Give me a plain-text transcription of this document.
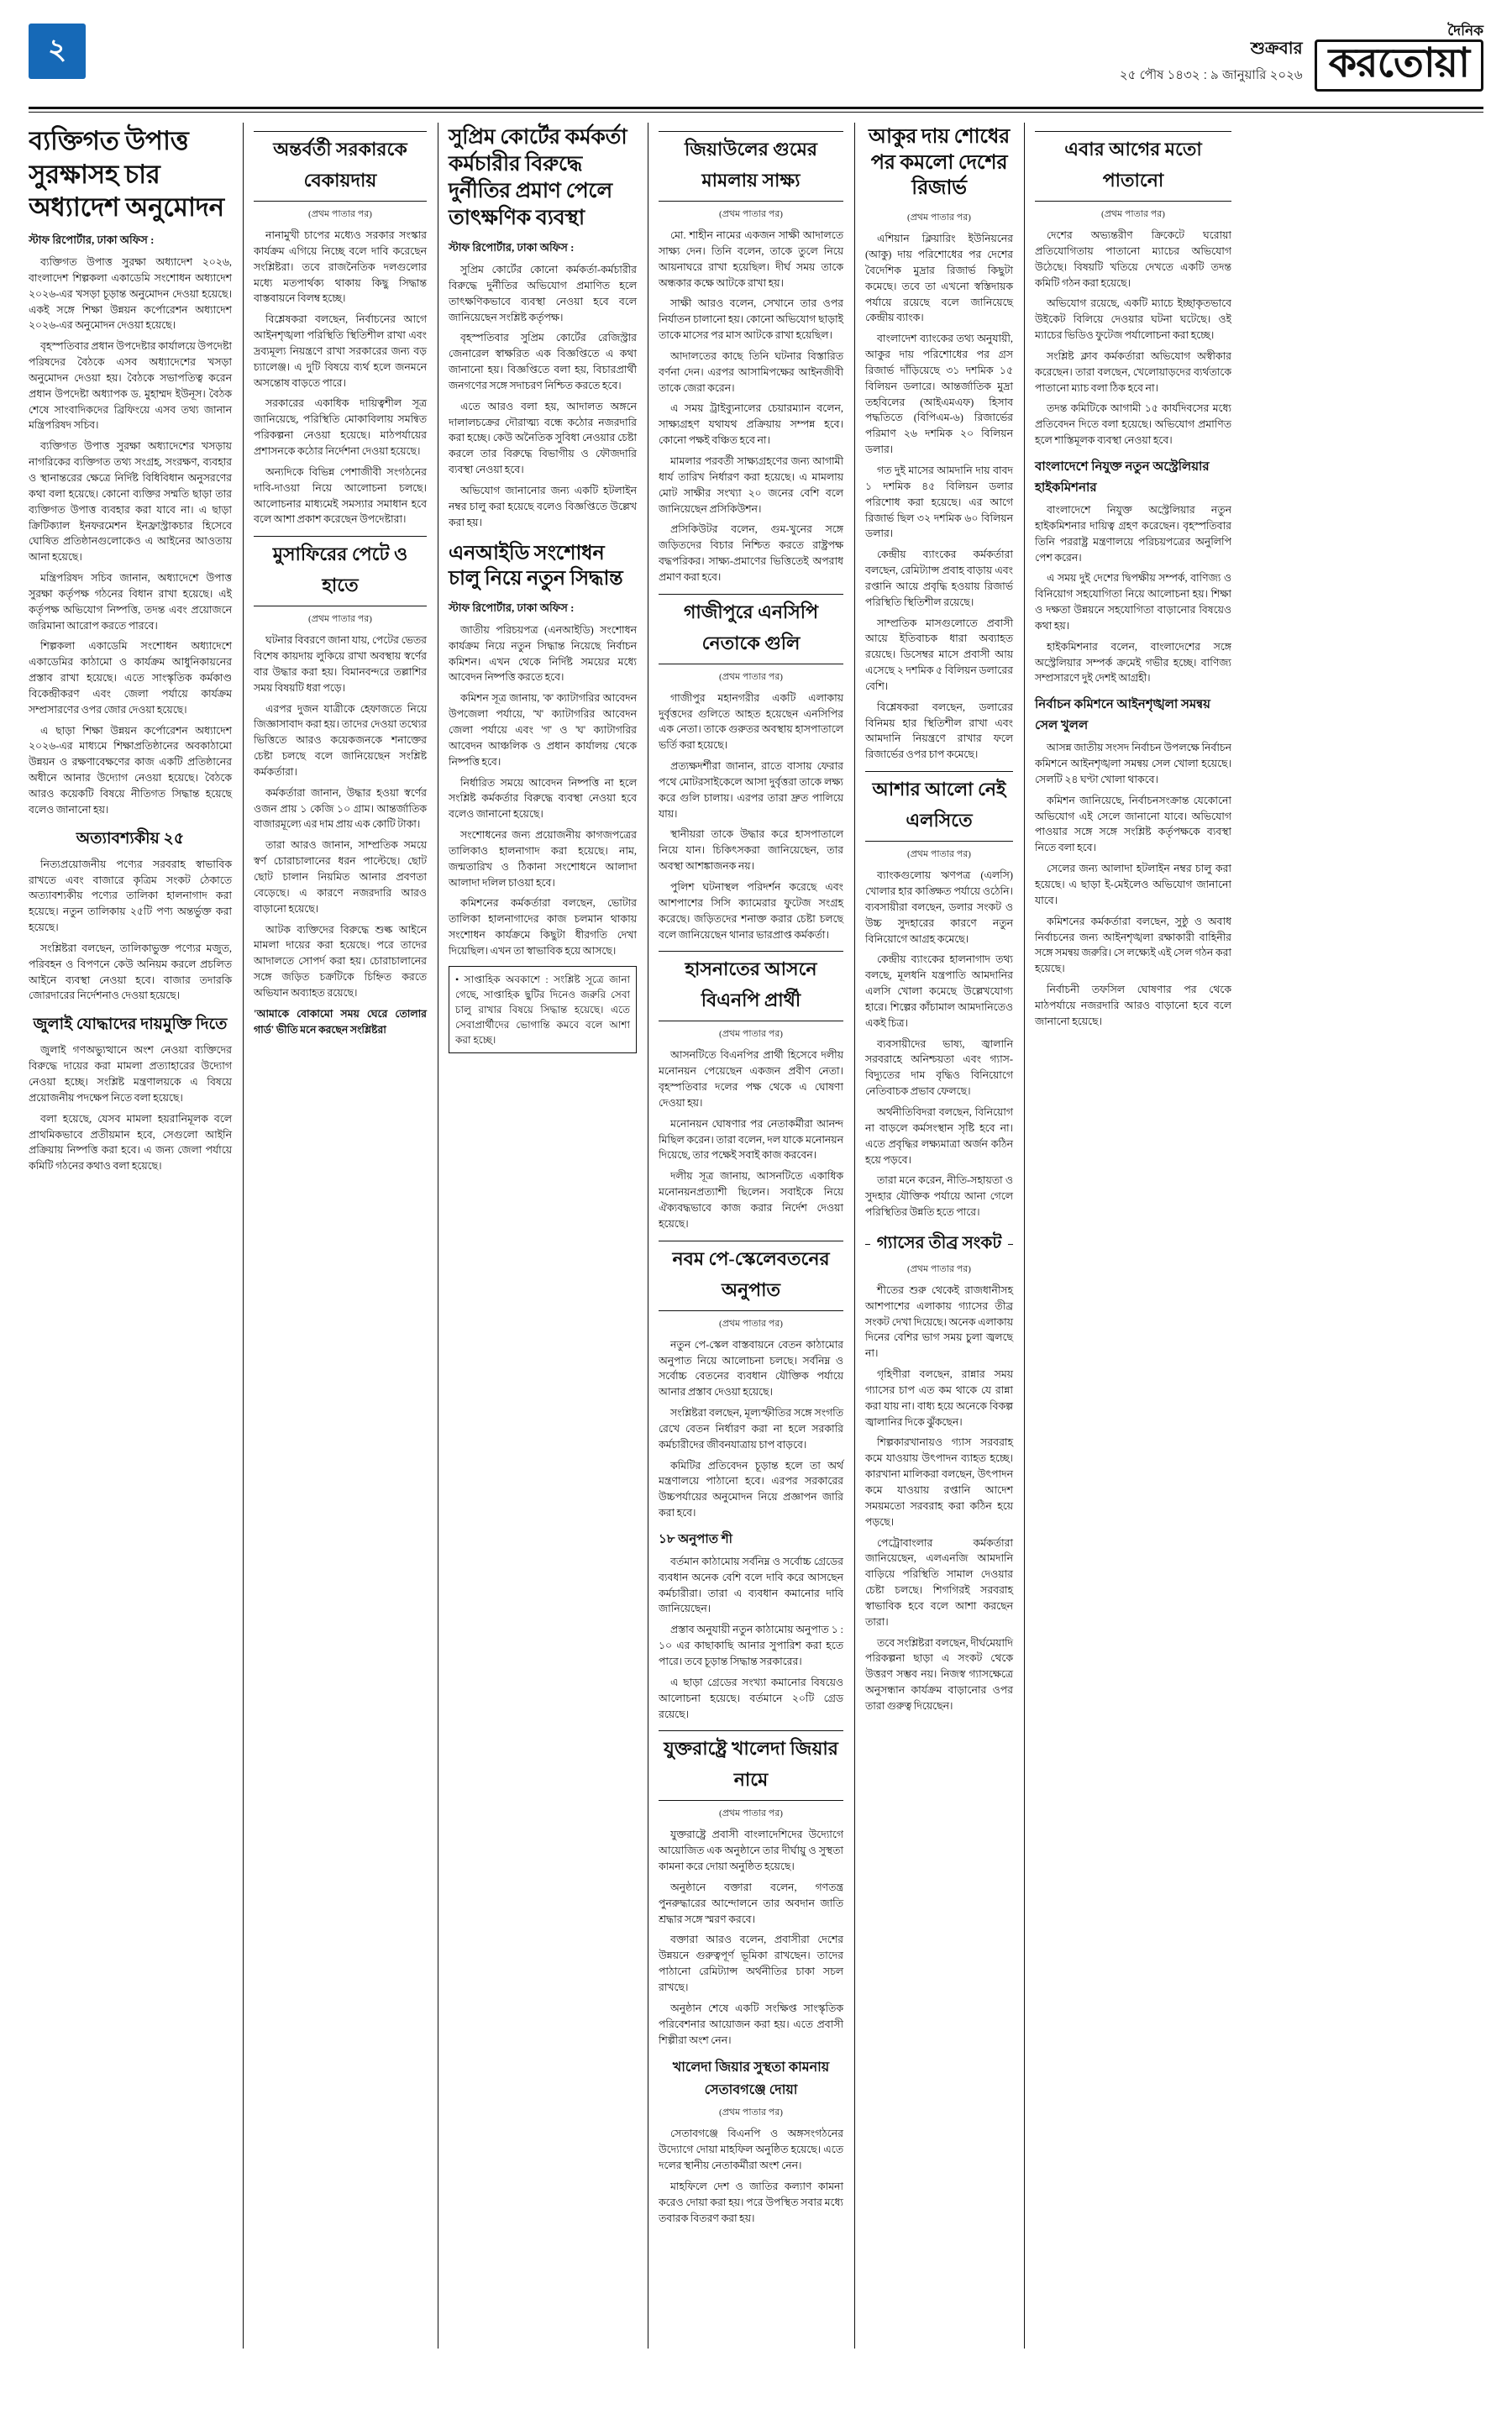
২	শুক্রবার
২৫ পৌষ ১৪৩২ : ৯ জানুয়ারি ২০২৬
দৈনিক
করতোয়া
ব্যক্তিগত উপাত্ত সুরক্ষাসহ চার অধ্যাদেশ অনুমোদন
স্টাফ রিপোর্টার, ঢাকা অফিস :

ব্যক্তিগত উপাত্ত সুরক্ষা অধ্যাদেশ ২০২৬, বাংলাদেশ শিল্পকলা একাডেমি সংশোধন অধ্যাদেশ ২০২৬-এর খসড়া চূড়ান্ত অনুমোদন দেওয়া হয়েছে। একই সঙ্গে শিক্ষা উন্নয়ন কর্পোরেশন অধ্যাদেশ ২০২৬-এর অনুমোদন দেওয়া হয়েছে।

বৃহস্পতিবার প্রধান উপদেষ্টার কার্যালয়ে উপদেষ্টা পরিষদের বৈঠকে এসব অধ্যাদেশের খসড়া অনুমোদন দেওয়া হয়। বৈঠকে সভাপতিত্ব করেন প্রধান উপদেষ্টা অধ্যাপক ড. মুহাম্মদ ইউনূস। বৈঠক শেষে সাংবাদিকদের ব্রিফিংয়ে এসব তথ্য জানান মন্ত্রিপরিষদ সচিব।

ব্যক্তিগত উপাত্ত সুরক্ষা অধ্যাদেশের খসড়ায় নাগরিকের ব্যক্তিগত তথ্য সংগ্রহ, সংরক্ষণ, ব্যবহার ও স্থানান্তরের ক্ষেত্রে নির্দিষ্ট বিধিবিধান অনুসরণের কথা বলা হয়েছে। কোনো ব্যক্তির সম্মতি ছাড়া তার ব্যক্তিগত উপাত্ত ব্যবহার করা যাবে না। এ ছাড়া ক্রিটিক্যাল ইনফরমেশন ইনফ্রাস্ট্রাকচার হিসেবে ঘোষিত প্রতিষ্ঠানগুলোকেও এ আইনের আওতায় আনা হয়েছে।

মন্ত্রিপরিষদ সচিব জানান, অধ্যাদেশে উপাত্ত সুরক্ষা কর্তৃপক্ষ গঠনের বিধান রাখা হয়েছে। এই কর্তৃপক্ষ অভিযোগ নিষ্পত্তি, তদন্ত এবং প্রয়োজনে জরিমানা আরোপ করতে পারবে।

শিল্পকলা একাডেমি সংশোধন অধ্যাদেশে একাডেমির কাঠামো ও কার্যক্রম আধুনিকায়নের প্রস্তাব রাখা হয়েছে। এতে সাংস্কৃতিক কর্মকাণ্ড বিকেন্দ্রীকরণ এবং জেলা পর্যায়ে কার্যক্রম সম্প্রসারণের ওপর জোর দেওয়া হয়েছে।

এ ছাড়া শিক্ষা উন্নয়ন কর্পোরেশন অধ্যাদেশ ২০২৬-এর মাধ্যমে শিক্ষাপ্রতিষ্ঠানের অবকাঠামো উন্নয়ন ও রক্ষণাবেক্ষণের কাজ একটি প্রতিষ্ঠানের অধীনে আনার উদ্যোগ নেওয়া হয়েছে। বৈঠকে আরও কয়েকটি বিষয়ে নীতিগত সিদ্ধান্ত হয়েছে বলেও জানানো হয়।

অত্যাবশ্যকীয় ২৫

নিত্যপ্রয়োজনীয় পণ্যের সরবরাহ স্বাভাবিক রাখতে এবং বাজারে কৃত্রিম সংকট ঠেকাতে অত্যাবশ্যকীয় পণ্যের তালিকা হালনাগাদ করা হয়েছে। নতুন তালিকায় ২৫টি পণ্য অন্তর্ভুক্ত করা হয়েছে।

সংশ্লিষ্টরা বলছেন, তালিকাভুক্ত পণ্যের মজুত, পরিবহন ও বিপণনে কেউ অনিয়ম করলে প্রচলিত আইনে ব্যবস্থা নেওয়া হবে। বাজার তদারকি জোরদারের নির্দেশনাও দেওয়া হয়েছে।

জুলাই যোদ্ধাদের দায়মুক্তি দিতে

জুলাই গণঅভ্যুত্থানে অংশ নেওয়া ব্যক্তিদের বিরুদ্ধে দায়ের করা মামলা প্রত্যাহারের উদ্যোগ নেওয়া হচ্ছে। সংশ্লিষ্ট মন্ত্রণালয়কে এ বিষয়ে প্রয়োজনীয় পদক্ষেপ নিতে বলা হয়েছে।

বলা হয়েছে, যেসব মামলা হয়রানিমূলক বলে প্রাথমিকভাবে প্রতীয়মান হবে, সেগুলো আইনি প্রক্রিয়ায় নিষ্পত্তি করা হবে। এ জন্য জেলা পর্যায়ে কমিটি গঠনের কথাও বলা হয়েছে।

অন্তর্বর্তী সরকারকে বেকায়দায়
(প্রথম পাতার পর)

নানামুখী চাপের মধ্যেও সরকার সংস্কার কার্যক্রম এগিয়ে নিচ্ছে বলে দাবি করেছেন সংশ্লিষ্টরা। তবে রাজনৈতিক দলগুলোর মধ্যে মতপার্থক্য থাকায় কিছু সিদ্ধান্ত বাস্তবায়নে বিলম্ব হচ্ছে।

বিশ্লেষকরা বলছেন, নির্বাচনের আগে আইনশৃঙ্খলা পরিস্থিতি স্থিতিশীল রাখা এবং দ্রব্যমূল্য নিয়ন্ত্রণে রাখা সরকারের জন্য বড় চ্যালেঞ্জ। এ দুটি বিষয়ে ব্যর্থ হলে জনমনে অসন্তোষ বাড়তে পারে।

সরকারের একাধিক দায়িত্বশীল সূত্র জানিয়েছে, পরিস্থিতি মোকাবিলায় সমন্বিত পরিকল্পনা নেওয়া হয়েছে। মাঠপর্যায়ের প্রশাসনকে কঠোর নির্দেশনা দেওয়া হয়েছে।

অন্যদিকে বিভিন্ন পেশাজীবী সংগঠনের দাবি-দাওয়া নিয়ে আলোচনা চলছে। আলোচনার মাধ্যমেই সমস্যার সমাধান হবে বলে আশা প্রকাশ করেছেন উপদেষ্টারা।

মুসাফিরের পেটে ও হাতে
(প্রথম পাতার পর)

ঘটনার বিবরণে জানা যায়, পেটের ভেতর বিশেষ কায়দায় লুকিয়ে রাখা অবস্থায় স্বর্ণের বার উদ্ধার করা হয়। বিমানবন্দরে তল্লাশির সময় বিষয়টি ধরা পড়ে।

এরপর দুজন যাত্রীকে হেফাজতে নিয়ে জিজ্ঞাসাবাদ করা হয়। তাদের দেওয়া তথ্যের ভিত্তিতে আরও কয়েকজনকে শনাক্তের চেষ্টা চলছে বলে জানিয়েছেন সংশ্লিষ্ট কর্মকর্তারা।

কর্মকর্তারা জানান, উদ্ধার হওয়া স্বর্ণের ওজন প্রায় ১ কেজি ১০ গ্রাম। আন্তর্জাতিক বাজারমূল্যে এর দাম প্রায় এক কোটি টাকা।

তারা আরও জানান, সাম্প্রতিক সময়ে স্বর্ণ চোরাচালানের ধরন পাল্টেছে। ছোট ছোট চালান নিয়মিত আনার প্রবণতা বেড়েছে। এ কারণে নজরদারি আরও বাড়ানো হয়েছে।

আটক ব্যক্তিদের বিরুদ্ধে শুল্ক আইনে মামলা দায়ের করা হয়েছে। পরে তাদের আদালতে সোপর্দ করা হয়। চোরাচালানের সঙ্গে জড়িত চক্রটিকে চিহ্নিত করতে অভিযান অব্যাহত রয়েছে।

'আমাকে বোকামো সময় ঘেরে তোলার গার্ড' ভীতি মনে করছেন সংশ্লিষ্টরা

সুপ্রিম কোর্টের কর্মকর্তা কর্মচারীর বিরুদ্ধে দুর্নীতির প্রমাণ পেলে তাৎক্ষণিক ব্যবস্থা
স্টাফ রিপোর্টার, ঢাকা অফিস :

সুপ্রিম কোর্টের কোনো কর্মকর্তা-কর্মচারীর বিরুদ্ধে দুর্নীতির অভিযোগ প্রমাণিত হলে তাৎক্ষণিকভাবে ব্যবস্থা নেওয়া হবে বলে জানিয়েছেন সংশ্লিষ্ট কর্তৃপক্ষ।

বৃহস্পতিবার সুপ্রিম কোর্টের রেজিস্ট্রার জেনারেল স্বাক্ষরিত এক বিজ্ঞপ্তিতে এ কথা জানানো হয়। বিজ্ঞপ্তিতে বলা হয়, বিচারপ্রার্থী জনগণের সঙ্গে সদাচরণ নিশ্চিত করতে হবে।

এতে আরও বলা হয়, আদালত অঙ্গনে দালালচক্রের দৌরাত্ম্য বন্ধে কঠোর নজরদারি করা হচ্ছে। কেউ অনৈতিক সুবিধা নেওয়ার চেষ্টা করলে তার বিরুদ্ধে বিভাগীয় ও ফৌজদারি ব্যবস্থা নেওয়া হবে।

অভিযোগ জানানোর জন্য একটি হটলাইন নম্বর চালু করা হয়েছে বলেও বিজ্ঞপ্তিতে উল্লেখ করা হয়।

এনআইডি সংশোধন চালু নিয়ে নতুন সিদ্ধান্ত
স্টাফ রিপোর্টার, ঢাকা অফিস :

জাতীয় পরিচয়পত্র (এনআইডি) সংশোধন কার্যক্রম নিয়ে নতুন সিদ্ধান্ত নিয়েছে নির্বাচন কমিশন। এখন থেকে নির্দিষ্ট সময়ের মধ্যে আবেদন নিষ্পত্তি করতে হবে।

কমিশন সূত্র জানায়, 'ক' ক্যাটাগরির আবেদন উপজেলা পর্যায়ে, 'খ' ক্যাটাগরির আবেদন জেলা পর্যায়ে এবং 'গ' ও 'ঘ' ক্যাটাগরির আবেদন আঞ্চলিক ও প্রধান কার্যালয় থেকে নিষ্পত্তি হবে।

নির্ধারিত সময়ে আবেদন নিষ্পত্তি না হলে সংশ্লিষ্ট কর্মকর্তার বিরুদ্ধে ব্যবস্থা নেওয়া হবে বলেও জানানো হয়েছে।

সংশোধনের জন্য প্রয়োজনীয় কাগজপত্রের তালিকাও হালনাগাদ করা হয়েছে। নাম, জন্মতারিখ ও ঠিকানা সংশোধনে আলাদা আলাদা দলিল চাওয়া হবে।

কমিশনের কর্মকর্তারা বলছেন, ভোটার তালিকা হালনাগাদের কাজ চলমান থাকায় সংশোধন কার্যক্রমে কিছুটা ধীরগতি দেখা দিয়েছিল। এখন তা স্বাভাবিক হয়ে আসছে।

• সাপ্তাহিক অবকাশে : সংশ্লিষ্ট সূত্রে জানা গেছে, সাপ্তাহিক ছুটির দিনেও জরুরি সেবা চালু রাখার বিষয়ে সিদ্ধান্ত হয়েছে। এতে সেবাপ্রার্থীদের ভোগান্তি কমবে বলে আশা করা হচ্ছে।
জিয়াউলের গুমের মামলায় সাক্ষ্য
(প্রথম পাতার পর)

মো. শাহীন নামের একজন সাক্ষী আদালতে সাক্ষ্য দেন। তিনি বলেন, তাকে তুলে নিয়ে আয়নাঘরে রাখা হয়েছিল। দীর্ঘ সময় তাকে অন্ধকার কক্ষে আটকে রাখা হয়।

সাক্ষী আরও বলেন, সেখানে তার ওপর নির্যাতন চালানো হয়। কোনো অভিযোগ ছাড়াই তাকে মাসের পর মাস আটকে রাখা হয়েছিল।

আদালতের কাছে তিনি ঘটনার বিস্তারিত বর্ণনা দেন। এরপর আসামিপক্ষের আইনজীবী তাকে জেরা করেন।

এ সময় ট্রাইব্যুনালের চেয়ারম্যান বলেন, সাক্ষ্যগ্রহণ যথাযথ প্রক্রিয়ায় সম্পন্ন হবে। কোনো পক্ষই বঞ্চিত হবে না।

মামলার পরবর্তী সাক্ষ্যগ্রহণের জন্য আগামী ধার্য তারিখ নির্ধারণ করা হয়েছে। এ মামলায় মোট সাক্ষীর সংখ্যা ২০ জনের বেশি বলে জানিয়েছেন প্রসিকিউশন।

প্রসিকিউটর বলেন, গুম-খুনের সঙ্গে জড়িতদের বিচার নিশ্চিত করতে রাষ্ট্রপক্ষ বদ্ধপরিকর। সাক্ষ্য-প্রমাণের ভিত্তিতেই অপরাধ প্রমাণ করা হবে।

গাজীপুরে এনসিপি নেতাকে গুলি
(প্রথম পাতার পর)

গাজীপুর মহানগরীর একটি এলাকায় দুর্বৃত্তদের গুলিতে আহত হয়েছেন এনসিপির এক নেতা। তাকে গুরুতর অবস্থায় হাসপাতালে ভর্তি করা হয়েছে।

প্রত্যক্ষদর্শীরা জানান, রাতে বাসায় ফেরার পথে মোটরসাইকেলে আসা দুর্বৃত্তরা তাকে লক্ষ্য করে গুলি চালায়। এরপর তারা দ্রুত পালিয়ে যায়।

স্থানীয়রা তাকে উদ্ধার করে হাসপাতালে নিয়ে যান। চিকিৎসকরা জানিয়েছেন, তার অবস্থা আশঙ্কাজনক নয়।

পুলিশ ঘটনাস্থল পরিদর্শন করেছে এবং আশপাশের সিসি ক্যামেরার ফুটেজ সংগ্রহ করেছে। জড়িতদের শনাক্ত করার চেষ্টা চলছে বলে জানিয়েছেন থানার ভারপ্রাপ্ত কর্মকর্তা।

হাসনাতের আসনে বিএনপি প্রার্থী
(প্রথম পাতার পর)

আসনটিতে বিএনপির প্রার্থী হিসেবে দলীয় মনোনয়ন পেয়েছেন একজন প্রবীণ নেতা। বৃহস্পতিবার দলের পক্ষ থেকে এ ঘোষণা দেওয়া হয়।

মনোনয়ন ঘোষণার পর নেতাকর্মীরা আনন্দ মিছিল করেন। তারা বলেন, দল যাকে মনোনয়ন দিয়েছে, তার পক্ষেই সবাই কাজ করবেন।

দলীয় সূত্র জানায়, আসনটিতে একাধিক মনোনয়নপ্রত্যাশী ছিলেন। সবাইকে নিয়ে ঐক্যবদ্ধভাবে কাজ করার নির্দেশ দেওয়া হয়েছে।

নবম পে-স্কেলেবতনের অনুপাত
(প্রথম পাতার পর)

নতুন পে-স্কেল বাস্তবায়নে বেতন কাঠামোর অনুপাত নিয়ে আলোচনা চলছে। সর্বনিম্ন ও সর্বোচ্চ বেতনের ব্যবধান যৌক্তিক পর্যায়ে আনার প্রস্তাব দেওয়া হয়েছে।

সংশ্লিষ্টরা বলছেন, মূল্যস্ফীতির সঙ্গে সংগতি রেখে বেতন নির্ধারণ করা না হলে সরকারি কর্মচারীদের জীবনযাত্রায় চাপ বাড়বে।

কমিটির প্রতিবেদন চূড়ান্ত হলে তা অর্থ মন্ত্রণালয়ে পাঠানো হবে। এরপর সরকারের উচ্চপর্যায়ের অনুমোদন নিয়ে প্রজ্ঞাপন জারি করা হবে।

১৮ অনুপাত শী

বর্তমান কাঠামোয় সর্বনিম্ন ও সর্বোচ্চ গ্রেডের ব্যবধান অনেক বেশি বলে দাবি করে আসছেন কর্মচারীরা। তারা এ ব্যবধান কমানোর দাবি জানিয়েছেন।

প্রস্তাব অনুযায়ী নতুন কাঠামোয় অনুপাত ১ : ১০ এর কাছাকাছি আনার সুপারিশ করা হতে পারে। তবে চূড়ান্ত সিদ্ধান্ত সরকারের।

এ ছাড়া গ্রেডের সংখ্যা কমানোর বিষয়েও আলোচনা হয়েছে। বর্তমানে ২০টি গ্রেড রয়েছে।

যুক্তরাষ্ট্রে খালেদা জিয়ার নামে
(প্রথম পাতার পর)

যুক্তরাষ্ট্রে প্রবাসী বাংলাদেশিদের উদ্যোগে আয়োজিত এক অনুষ্ঠানে তার দীর্ঘায়ু ও সুস্থতা কামনা করে দোয়া অনুষ্ঠিত হয়েছে।

অনুষ্ঠানে বক্তারা বলেন, গণতন্ত্র পুনরুদ্ধারের আন্দোলনে তার অবদান জাতি শ্রদ্ধার সঙ্গে স্মরণ করবে।

বক্তারা আরও বলেন, প্রবাসীরা দেশের উন্নয়নে গুরুত্বপূর্ণ ভূমিকা রাখছেন। তাদের পাঠানো রেমিট্যান্স অর্থনীতির চাকা সচল রাখছে।

অনুষ্ঠান শেষে একটি সংক্ষিপ্ত সাংস্কৃতিক পরিবেশনার আয়োজন করা হয়। এতে প্রবাসী শিল্পীরা অংশ নেন।

খালেদা জিয়ার সুস্থতা কামনায় সেতাবগঞ্জে দোয়া
(প্রথম পাতার পর)

সেতাবগঞ্জে বিএনপি ও অঙ্গসংগঠনের উদ্যোগে দোয়া মাহফিল অনুষ্ঠিত হয়েছে। এতে দলের স্থানীয় নেতাকর্মীরা অংশ নেন।

মাহফিলে দেশ ও জাতির কল্যাণ কামনা করেও দোয়া করা হয়। পরে উপস্থিত সবার মধ্যে তবারক বিতরণ করা হয়।

আকুর দায় শোধের পর কমলো দেশের রিজার্ভ
(প্রথম পাতার পর)

এশিয়ান ক্লিয়ারিং ইউনিয়নের (আকু) দায় পরিশোধের পর দেশের বৈদেশিক মুদ্রার রিজার্ভ কিছুটা কমেছে। তবে তা এখনো স্বস্তিদায়ক পর্যায়ে রয়েছে বলে জানিয়েছে কেন্দ্রীয় ব্যাংক।

বাংলাদেশ ব্যাংকের তথ্য অনুযায়ী, আকুর দায় পরিশোধের পর গ্রস রিজার্ভ দাঁড়িয়েছে ৩১ দশমিক ১৫ বিলিয়ন ডলারে। আন্তর্জাতিক মুদ্রা তহবিলের (আইএমএফ) হিসাব পদ্ধতিতে (বিপিএম-৬) রিজার্ভের পরিমাণ ২৬ দশমিক ২০ বিলিয়ন ডলার।

গত দুই মাসের আমদানি দায় বাবদ ১ দশমিক ৪৫ বিলিয়ন ডলার পরিশোধ করা হয়েছে। এর আগে রিজার্ভ ছিল ৩২ দশমিক ৬০ বিলিয়ন ডলার।

কেন্দ্রীয় ব্যাংকের কর্মকর্তারা বলছেন, রেমিট্যান্স প্রবাহ বাড়ায় এবং রপ্তানি আয়ে প্রবৃদ্ধি হওয়ায় রিজার্ভ পরিস্থিতি স্থিতিশীল রয়েছে।

সাম্প্রতিক মাসগুলোতে প্রবাসী আয়ে ইতিবাচক ধারা অব্যাহত রয়েছে। ডিসেম্বর মাসে প্রবাসী আয় এসেছে ২ দশমিক ৫ বিলিয়ন ডলারের বেশি।

বিশ্লেষকরা বলছেন, ডলারের বিনিময় হার স্থিতিশীল রাখা এবং আমদানি নিয়ন্ত্রণে রাখার ফলে রিজার্ভের ওপর চাপ কমেছে।

আশার আলো নেই এলসিতে
(প্রথম পাতার পর)

ব্যাংকগুলোয় ঋণপত্র (এলসি) খোলার হার কাঙ্ক্ষিত পর্যায়ে ওঠেনি। ব্যবসায়ীরা বলছেন, ডলার সংকট ও উচ্চ সুদহারের কারণে নতুন বিনিয়োগে আগ্রহ কমেছে।

কেন্দ্রীয় ব্যাংকের হালনাগাদ তথ্য বলছে, মূলধনি যন্ত্রপাতি আমদানির এলসি খোলা কমেছে উল্লেখযোগ্য হারে। শিল্পের কাঁচামাল আমদানিতেও একই চিত্র।

ব্যবসায়ীদের ভাষ্য, জ্বালানি সরবরাহে অনিশ্চয়তা এবং গ্যাস-বিদ্যুতের দাম বৃদ্ধিও বিনিয়োগে নেতিবাচক প্রভাব ফেলছে।

অর্থনীতিবিদরা বলছেন, বিনিয়োগ না বাড়লে কর্মসংস্থান সৃষ্টি হবে না। এতে প্রবৃদ্ধির লক্ষ্যমাত্রা অর্জন কঠিন হয়ে পড়বে।

তারা মনে করেন, নীতি-সহায়তা ও সুদহার যৌক্তিক পর্যায়ে আনা গেলে পরিস্থিতির উন্নতি হতে পারে।

গ্যাসের তীব্র সংকট
(প্রথম পাতার পর)

শীতের শুরু থেকেই রাজধানীসহ আশপাশের এলাকায় গ্যাসের তীব্র সংকট দেখা দিয়েছে। অনেক এলাকায় দিনের বেশির ভাগ সময় চুলা জ্বলছে না।

গৃহিণীরা বলছেন, রান্নার সময় গ্যাসের চাপ এত কম থাকে যে রান্না করা যায় না। বাধ্য হয়ে অনেকে বিকল্প জ্বালানির দিকে ঝুঁকছেন।

শিল্পকারখানায়ও গ্যাস সরবরাহ কমে যাওয়ায় উৎপাদন ব্যাহত হচ্ছে। কারখানা মালিকরা বলছেন, উৎপাদন কমে যাওয়ায় রপ্তানি আদেশ সময়মতো সরবরাহ করা কঠিন হয়ে পড়ছে।

পেট্রোবাংলার কর্মকর্তারা জানিয়েছেন, এলএনজি আমদানি বাড়িয়ে পরিস্থিতি সামাল দেওয়ার চেষ্টা চলছে। শিগগিরই সরবরাহ স্বাভাবিক হবে বলে আশা করছেন তারা।

তবে সংশ্লিষ্টরা বলছেন, দীর্ঘমেয়াদি পরিকল্পনা ছাড়া এ সংকট থেকে উত্তরণ সম্ভব নয়। নিজস্ব গ্যাসক্ষেত্রে অনুসন্ধান কার্যক্রম বাড়ানোর ওপর তারা গুরুত্ব দিয়েছেন।

এবার আগের মতো পাতানো
(প্রথম পাতার পর)

দেশের অভ্যন্তরীণ ক্রিকেটে ঘরোয়া প্রতিযোগিতায় পাতানো ম্যাচের অভিযোগ উঠেছে। বিষয়টি খতিয়ে দেখতে একটি তদন্ত কমিটি গঠন করা হয়েছে।

অভিযোগ রয়েছে, একটি ম্যাচে ইচ্ছাকৃতভাবে উইকেট বিলিয়ে দেওয়ার ঘটনা ঘটেছে। ওই ম্যাচের ভিডিও ফুটেজ পর্যালোচনা করা হচ্ছে।

সংশ্লিষ্ট ক্লাব কর্মকর্তারা অভিযোগ অস্বীকার করেছেন। তারা বলছেন, খেলোয়াড়দের ব্যর্থতাকে পাতানো ম্যাচ বলা ঠিক হবে না।

তদন্ত কমিটিকে আগামী ১৫ কার্যদিবসের মধ্যে প্রতিবেদন দিতে বলা হয়েছে। অভিযোগ প্রমাণিত হলে শাস্তিমূলক ব্যবস্থা নেওয়া হবে।

বাংলাদেশে নিযুক্ত নতুন অস্ট্রেলিয়ার হাইকমিশনার

বাংলাদেশে নিযুক্ত অস্ট্রেলিয়ার নতুন হাইকমিশনার দায়িত্ব গ্রহণ করেছেন। বৃহস্পতিবার তিনি পররাষ্ট্র মন্ত্রণালয়ে পরিচয়পত্রের অনুলিপি পেশ করেন।

এ সময় দুই দেশের দ্বিপক্ষীয় সম্পর্ক, বাণিজ্য ও বিনিয়োগ সহযোগিতা নিয়ে আলোচনা হয়। শিক্ষা ও দক্ষতা উন্নয়নে সহযোগিতা বাড়ানোর বিষয়েও কথা হয়।

হাইকমিশনার বলেন, বাংলাদেশের সঙ্গে অস্ট্রেলিয়ার সম্পর্ক ক্রমেই গভীর হচ্ছে। বাণিজ্য সম্প্রসারণে দুই দেশই আগ্রহী।

নির্বাচন কমিশনে আইনশৃঙ্খলা সমন্বয় সেল খুলল

আসন্ন জাতীয় সংসদ নির্বাচন উপলক্ষে নির্বাচন কমিশনে আইনশৃঙ্খলা সমন্বয় সেল খোলা হয়েছে। সেলটি ২৪ ঘণ্টা খোলা থাকবে।

কমিশন জানিয়েছে, নির্বাচনসংক্রান্ত যেকোনো অভিযোগ এই সেলে জানানো যাবে। অভিযোগ পাওয়ার সঙ্গে সঙ্গে সংশ্লিষ্ট কর্তৃপক্ষকে ব্যবস্থা নিতে বলা হবে।

সেলের জন্য আলাদা হটলাইন নম্বর চালু করা হয়েছে। এ ছাড়া ই-মেইলেও অভিযোগ জানানো যাবে।

কমিশনের কর্মকর্তারা বলছেন, সুষ্ঠু ও অবাধ নির্বাচনের জন্য আইনশৃঙ্খলা রক্ষাকারী বাহিনীর সঙ্গে সমন্বয় জরুরি। সে লক্ষ্যেই এই সেল গঠন করা হয়েছে।

নির্বাচনী তফসিল ঘোষণার পর থেকে মাঠপর্যায়ে নজরদারি আরও বাড়ানো হবে বলে জানানো হয়েছে।
